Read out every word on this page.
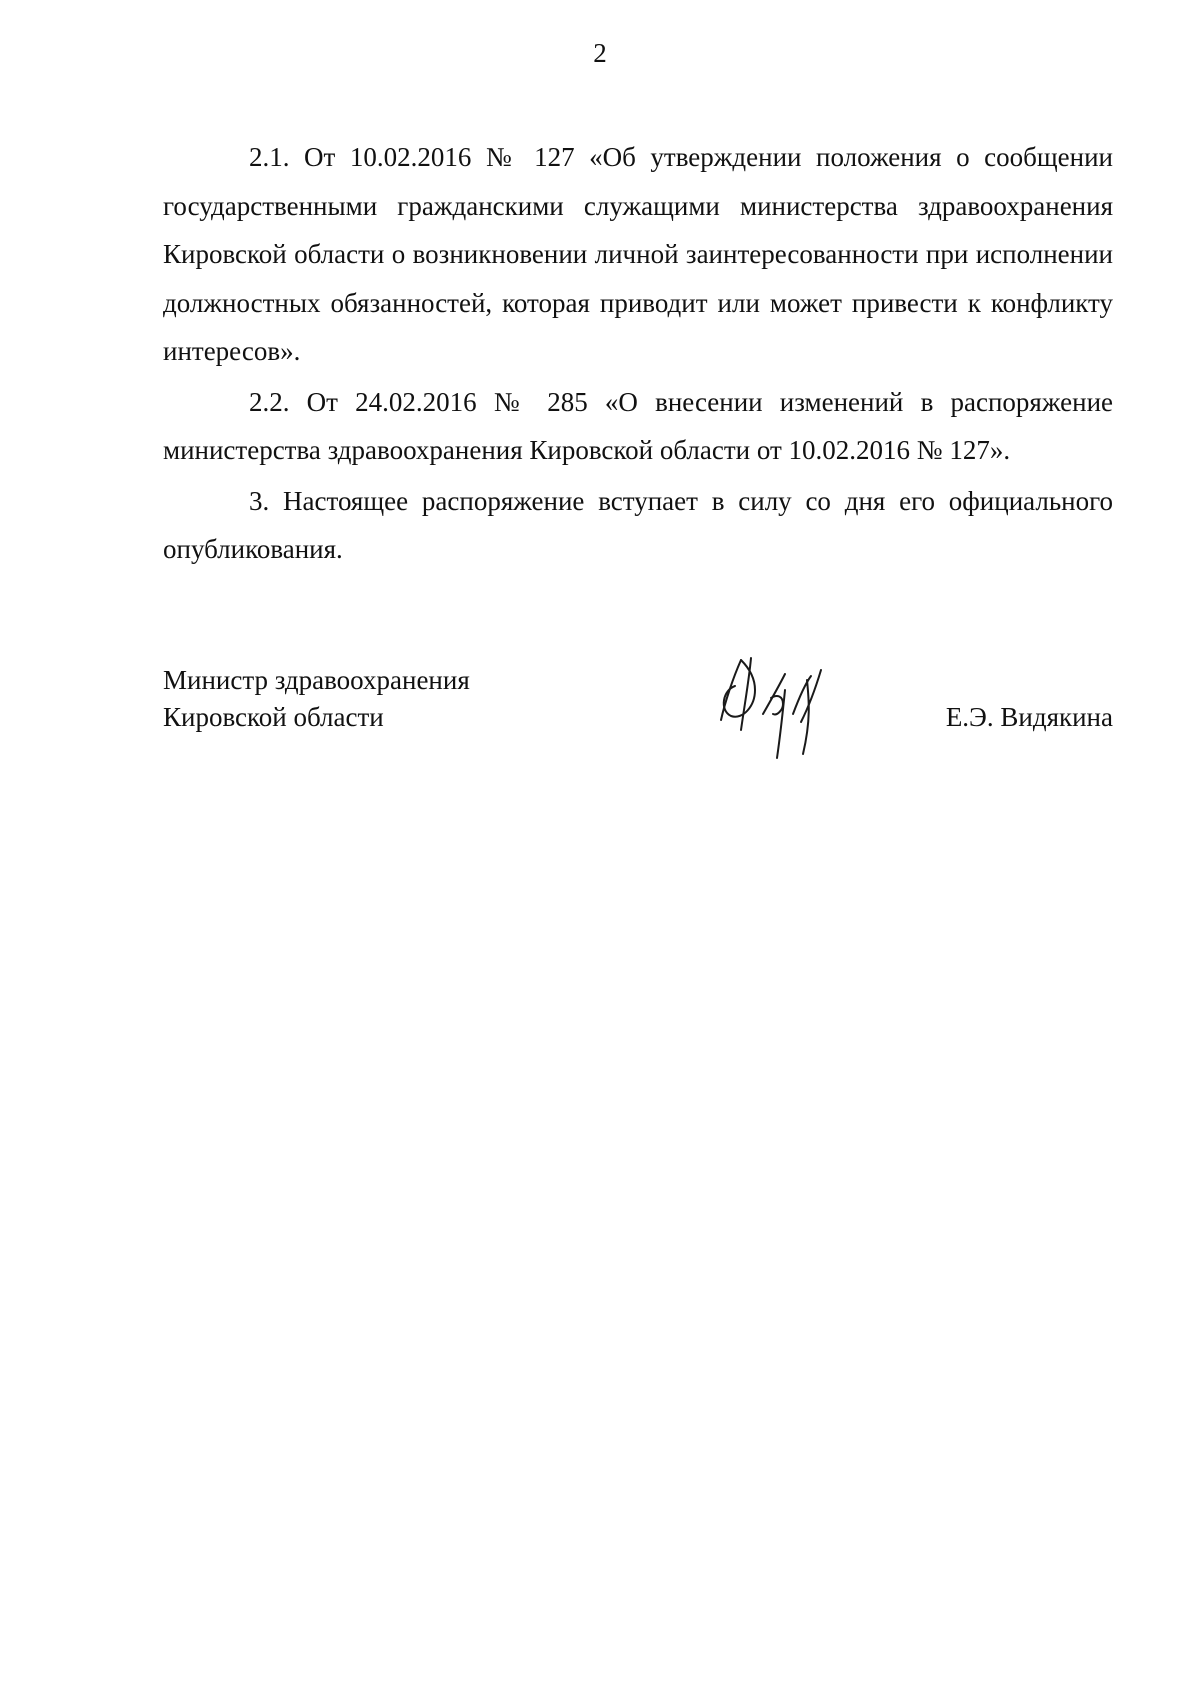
2

2.1. От 10.02.2016 № 127 «Об утверждении положения о сообщении государственными гражданскими служащими министерства здравоохранения Кировской области о возникновении личной заинтересованности при исполнении должностных обязанностей, которая приводит или может привести к конфликту интересов».

2.2. От 24.02.2016 № 285 «О внесении изменений в распоряжение министерства здравоохранения Кировской области от 10.02.2016 № 127».

3. Настоящее распоряжение вступает в силу со дня его официального опубликования.

Министр здравоохранения
Кировской области	Е.Э. Видякина
